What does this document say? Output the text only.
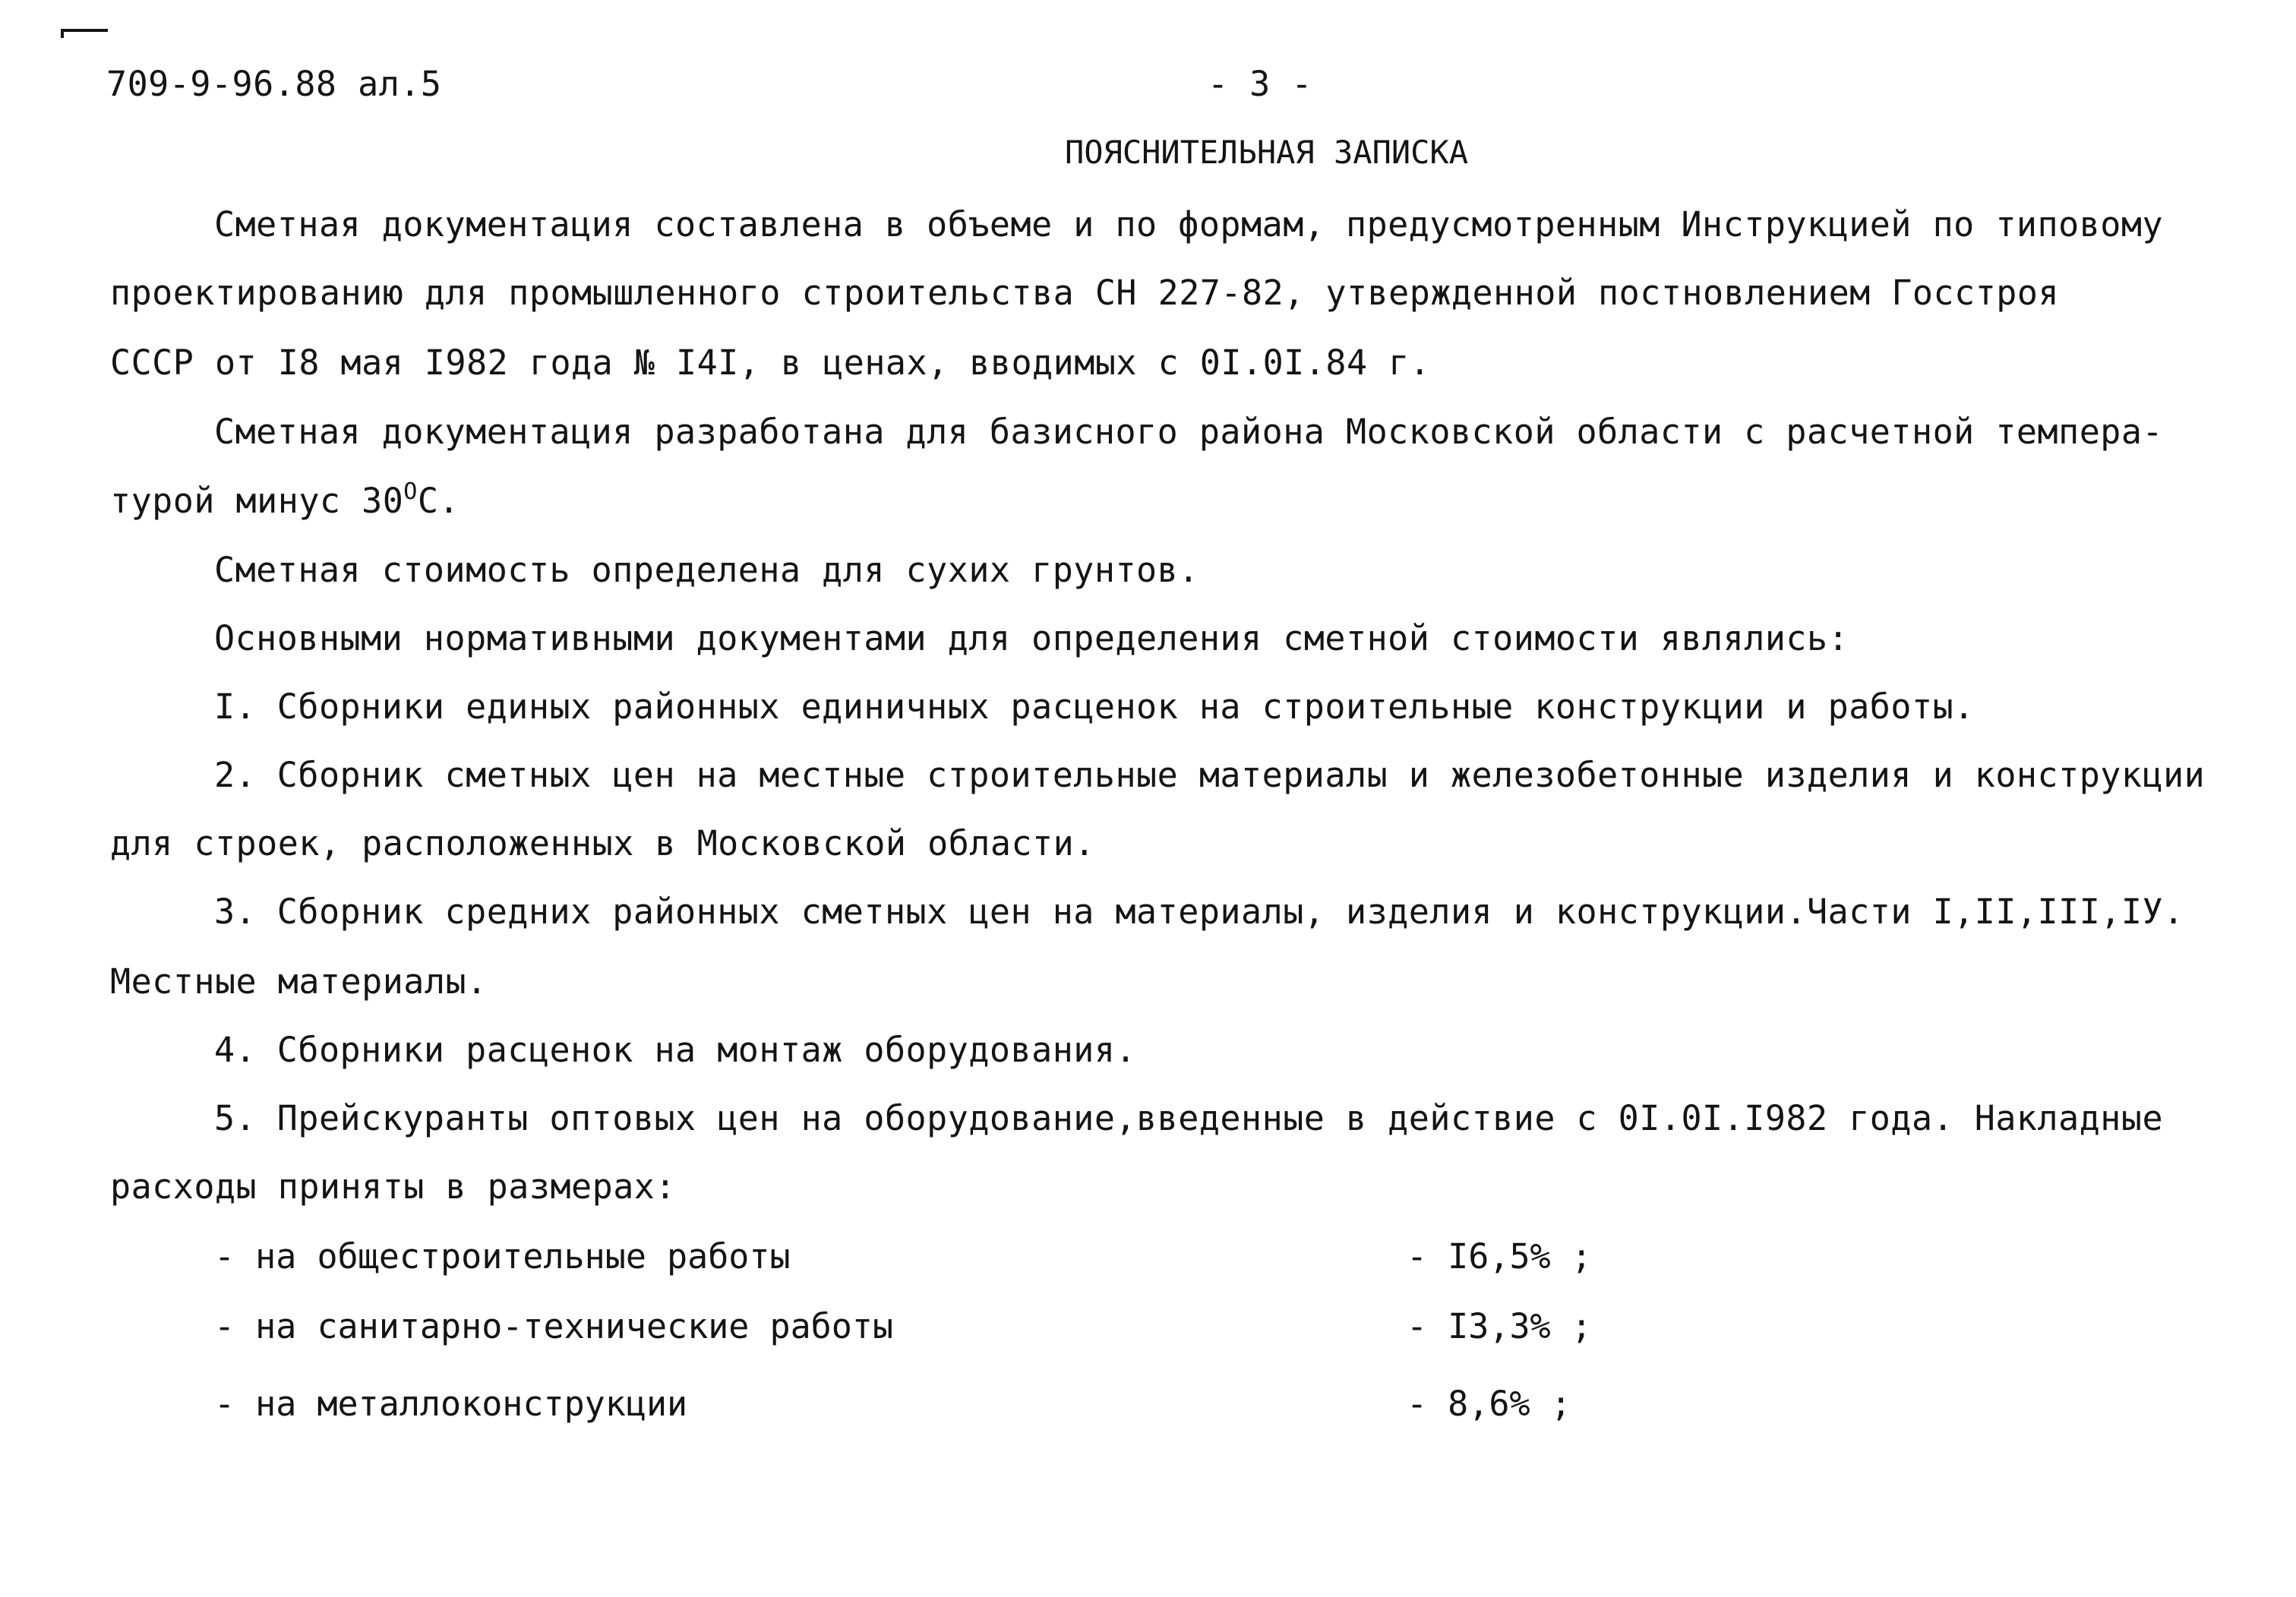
709-9-96.88 ал.5	- 3 -
ПОЯСНИТЕЛЬНАЯ ЗАПИСКА
Сметная документация составлена в объеме и по формам, предусмотренным Инструкцией по типовому
проектированию для промышленного строительства СН 227-82, утвержденной постновлением Госстроя
СССР от I8 мая I982 года № I4I, в ценах, вводимых с 0I.0I.84 г.
Сметная документация разработана для базисного района Московской области с расчетной темпера-
турой минус $30^ОС$.
Сметная стоимость определена для сухих грунтов.
Основными нормативными документами для определения сметной стоимости являлись:
I. Сборники единых районных единичных расценок на строительные конструкции и работы.
2. Сборник сметных цен на местные строительные материалы и железобетонные изделия и конструкции
для строек, расположенных в Московской области.
3. Сборник средних районных сметных цен на материалы, изделия и конструкции.Части I,II,III,IУ.
Местные материалы.
4. Сборники расценок на монтаж оборудования.
5. Прейскуранты оптовых цен на оборудование,введенные в действие с 0I.0I.I982 года. Накладные
расходы приняты в размерах:
- на общестроительные работы	- I6,5% ;
- на санитарно-технические работы	- I3,3% ;
- на металлоконструкции	- 8,6% ;
